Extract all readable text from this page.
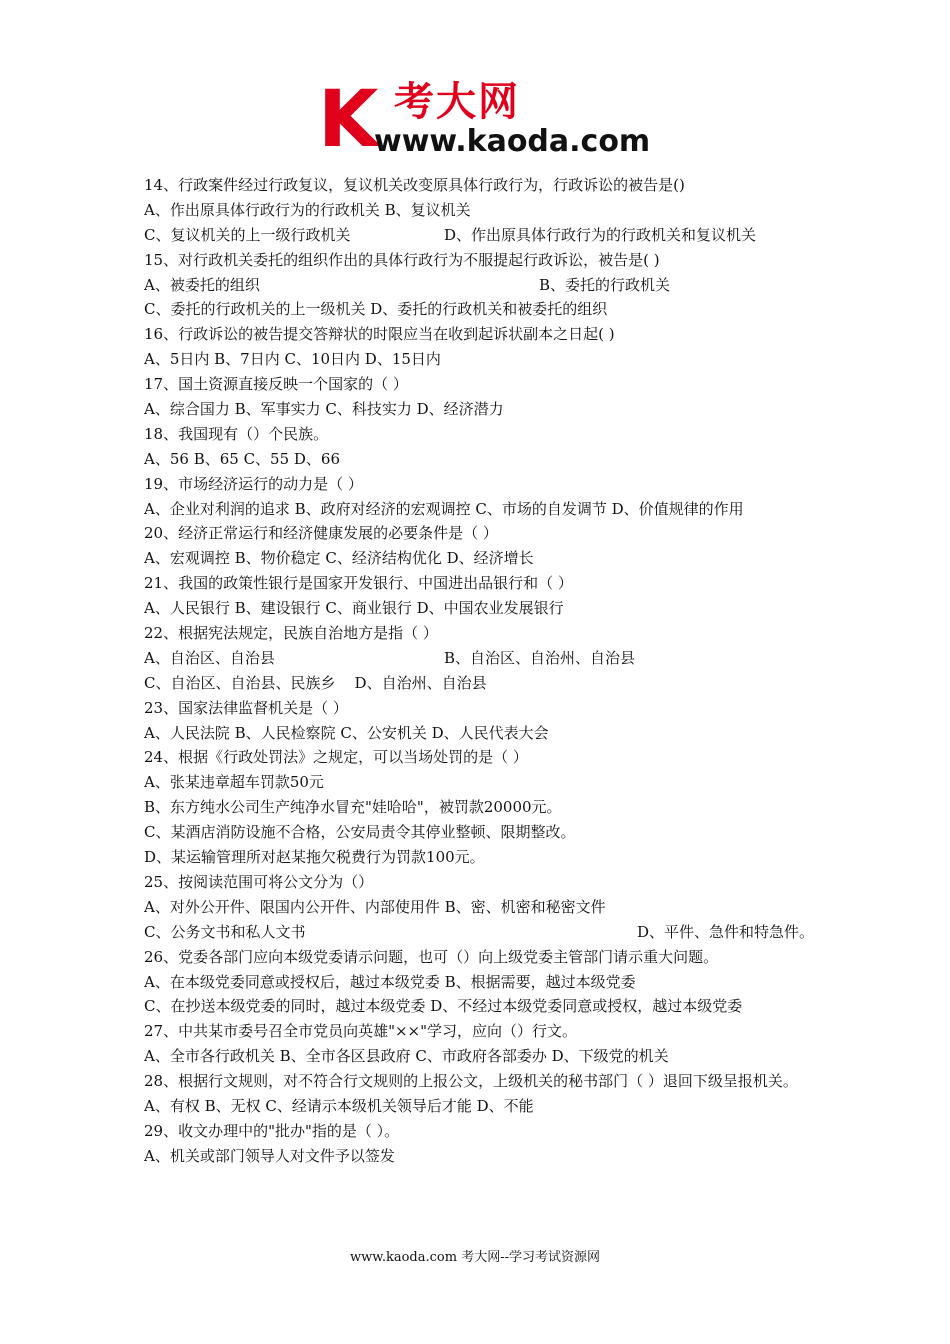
K 考大网
www.kaoda.com
14、行政案件经过行政复议，复议机关改变原具体行政行为，行政诉讼的被告是()
A、作出原具体行政行为的行政机关 B、复议机关
C、复议机关的上一级行政机关	D、作出原具体行政行为的行政机关和复议机关
15、对行政机关委托的组织作出的具体行政行为不服提起行政诉讼，被告是( )
A、被委托的组织	B、委托的行政机关
C、委托的行政机关的上一级机关 D、委托的行政机关和被委托的组织
16、行政诉讼的被告提交答辩状的时限应当在收到起诉状副本之日起( )
A、5日内 B、7日内 C、10日内 D、15日内
17、国土资源直接反映一个国家的（ ）
A、综合国力 B、军事实力 C、科技实力 D、经济潜力
18、我国现有（）个民族。
A、56 B、65 C、55 D、66
19、市场经济运行的动力是（ ）
A、企业对利润的追求 B、政府对经济的宏观调控 C、市场的自发调节 D、价值规律的作用
20、经济正常运行和经济健康发展的必要条件是（ ）
A、宏观调控 B、物价稳定 C、经济结构优化 D、经济增长
21、我国的政策性银行是国家开发银行、中国进出品银行和（ ）
A、人民银行 B、建设银行 C、商业银行 D、中国农业发展银行
22、根据宪法规定，民族自治地方是指（ ）
A、自治区、自治县	B、自治区、自治州、自治县
C、自治区、自治县、民族乡    D、自治州、自治县
23、国家法律监督机关是（ ）
A、人民法院 B、人民检察院 C、公安机关 D、人民代表大会
24、根据《行政处罚法》之规定，可以当场处罚的是（ ）
A、张某违章超车罚款50元
B、东方纯水公司生产纯净水冒充"娃哈哈"，被罚款20000元。
C、某酒店消防设施不合格，公安局责令其停业整顿、限期整改。
D、某运输管理所对赵某拖欠税费行为罚款100元。
25、按阅读范围可将公文分为（）
A、对外公开件、限国内公开件、内部使用件 B、密、机密和秘密文件
C、公务文书和私人文书	D、平件、急件和特急件。
26、党委各部门应向本级党委请示问题，也可（）向上级党委主管部门请示重大问题。
A、在本级党委同意或授权后，越过本级党委 B、根据需要，越过本级党委
C、在抄送本级党委的同时，越过本级党委 D、不经过本级党委同意或授权，越过本级党委
27、中共某市委号召全市党员向英雄"××"学习，应向（）行文。
A、全市各行政机关 B、全市各区县政府 C、市政府各部委办 D、下级党的机关
28、根据行文规则，对不符合行文规则的上报公文，上级机关的秘书部门（ ）退回下级呈报机关。
A、有权 B、无权 C、经请示本级机关领导后才能 D、不能
29、收文办理中的"批办"指的是（ ）。
A、机关或部门领导人对文件予以签发
www.kaoda.com 考大网--学习考试资源网
